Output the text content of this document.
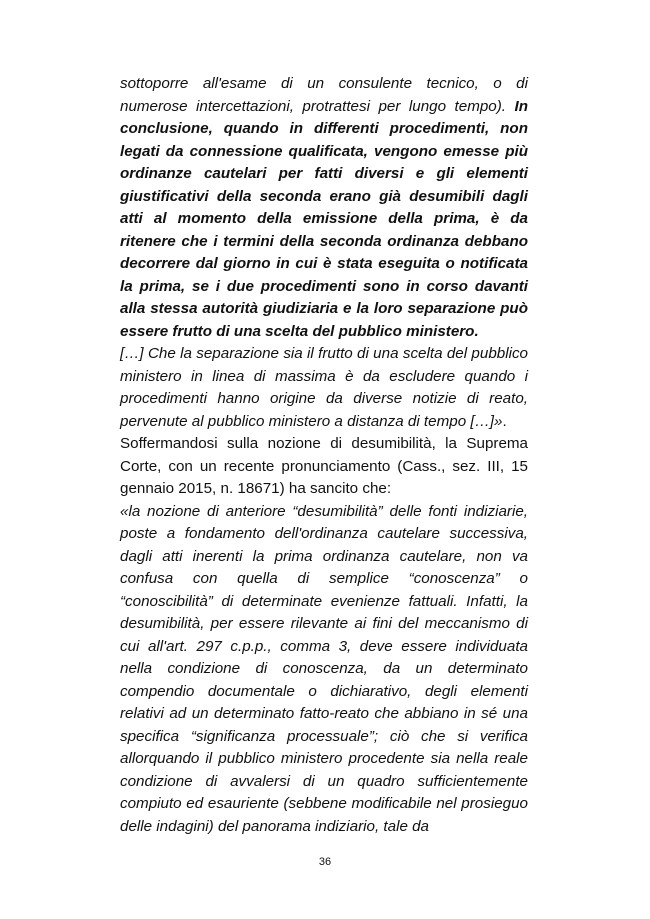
sottoporre all'esame di un consulente tecnico, o di numerose intercettazioni, protrattesi per lungo tempo). In conclusione, quando in differenti procedimenti, non legati da connessione qualificata, vengono emesse più ordinanze cautelari per fatti diversi e gli elementi giustificativi della seconda erano già desumibili dagli atti al momento della emissione della prima, è da ritenere che i termini della seconda ordinanza debbano decorrere dal giorno in cui è stata eseguita o notificata la prima, se i due procedimenti sono in corso davanti alla stessa autorità giudiziaria e la loro separazione può essere frutto di una scelta del pubblico ministero.

[…] Che la separazione sia il frutto di una scelta del pubblico ministero in linea di massima è da escludere quando i procedimenti hanno origine da diverse notizie di reato, pervenute al pubblico ministero a distanza di tempo […]».

Soffermandosi sulla nozione di desumibilità, la Suprema Corte, con un recente pronunciamento (Cass., sez. III, 15 gennaio 2015, n. 18671) ha sancito che:

«la nozione di anteriore “desumibilità” delle fonti indiziarie, poste a fondamento dell'ordinanza cautelare successiva, dagli atti inerenti la prima ordinanza cautelare, non va confusa con quella di semplice “conoscenza” o “conoscibilità” di determinate evenienze fattuali. Infatti, la desumibilità, per essere rilevante ai fini del meccanismo di cui all'art. 297 c.p.p., comma 3, deve essere individuata nella condizione di conoscenza, da un determinato compendio documentale o dichiarativo, degli elementi relativi ad un determinato fatto-reato che abbiano in sé una specifica “significanza processuale”; ciò che si verifica allorquando il pubblico ministero procedente sia nella reale condizione di avvalersi di un quadro sufficientemente compiuto ed esauriente (sebbene modificabile nel prosieguo delle indagini) del panorama indiziario, tale da

36
